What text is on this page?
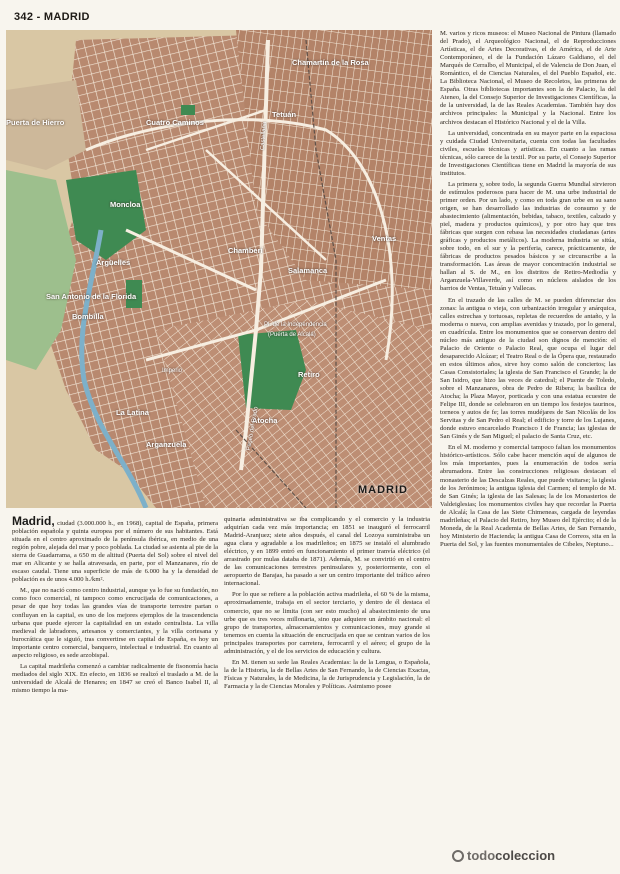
342 - MADRID
Chamartín de la Rosa
Tetuán
Cuatro Caminos
Puerta de Hierro
Moncloa
Argüelles
Chamberí
Ventas
Salamanca
San Antonio de la Florida
Bombilla
Pl. de la Independencia
(Puerta de Alcalá)
Retiro
La Latina
Atocha
Arganzuela
Castellana
Paseo del Prado
Imperio
MADRID

M. varios y ricos museos: el Museo Nacional de Pintura (llamado del Prado), el Arqueológico Nacional, el de Reproducciones Artísticas, el de Artes Decorativas, el de América, el de Arte Contemporáneo, el de la Fundación Lázaro Galdiano, el del Marqués de Cerralbo, el Municipal, el de Valencia de Don Juan, el Romántico, el de Ciencias Naturales, el del Pueblo Español, etc. La Biblioteca Nacional, el Museo de Recoletos, las primeras de España. Otras bibliotecas importantes son la de Palacio, la del Ateneo, la del Consejo Superior de Investigaciones Científicas, la de la universidad, la de las Reales Academias. También hay dos archivos principales: la Municipal y la Nacional. Entre los archivos destacan el Histórico Nacional y el de la Villa.

La universidad, concentrada en su mayor parte en la espaciosa y cuidada Ciudad Universitaria, cuenta con todas las facultades civiles, escuelas técnicas y artísticas. En cuanto a las ramas técnicas, sólo carece de la textil. Por su parte, el Consejo Superior de Investigaciones Científicas tiene en Madrid la mayoría de sus institutos.

La primera y, sobre todo, la segunda Guerra Mundial sirvieron de estímulos poderosos para hacer de M. una urbe industrial de primer orden. Por un lado, y como en toda gran urbe en su sano origen, se han desarrollado las industrias de consumo y de abastecimiento (alimentación, bebidas, tabaco, textiles, calzado y piel, madera y productos químicos), y por otro hay que tres fábricas que surgen con rebasa las necesidades ciudadanas (artes gráficas y productos metálicos). La moderna industria se sitúa, sobre todo, en el sur y la periferia, carece, prácticamente, de fábricas de productos pesados básicos y se circunscribe a la transformación. Las áreas de mayor concentración industrial se hallan al S. de M., en los distritos de Retiro-Mediodía y Arganzuela-Villaverde, así como en núcleos aislados de los barrios de Ventas, Tetuán y Vallecas.

En el trazado de las calles de M. se pueden diferenciar dos zonas: la antigua o vieja, con urbanización irregular y anárquica, calles estrechas y tortuosas, repletas de recuerdos de antaño, y la moderna o nueva, con amplias avenidas y trazado, por lo general, en cuadrícula. Entre los monumentos que se conservan dentro del núcleo más antiguo de la ciudad son dignos de mención: el Palacio de Oriente o Palacio Real, que ocupa el lugar del desaparecido Alcázar; el Teatro Real o de la Ópera que, restaurado en estos últimos años, sirve hoy como salón de conciertos; las Casas Consistoriales; la iglesia de San Francisco el Grande; la de San Isidro, que hizo las veces de catedral; el Puente de Toledo, sobre el Manzanares, obra de Pedro de Ribera; la basílica de Atocha; la Plaza Mayor, porticada y con una estatua ecuestre de Felipe III, donde se celebraron en un tiempo los festejos taurinos, torneos y autos de fe; las torres mudéjares de San Nicolás de los Servitas y de San Pedro el Real; el edificio y torre de los Lujanes, donde estuvo encarcelado Francisco I de Francia; las iglesias de San Ginés y de San Miguel; el palacio de Santa Cruz, etc.

En el M. moderno y comercial tampoco faltan los monumentos histórico-artísticos. Sólo cabe hacer mención aquí de algunos de los más importantes, pues la enumeración de todos sería abrumadora. Entre las construcciones religiosas destacan el monasterio de las Descalzas Reales, que puede visitarse; la iglesia de los Jerónimos; la antigua iglesia del Carmen; el templo de M. de San Ginés; la iglesia de las Salesas; la de los Monasterios de Valdeiglesias; los monumentos civiles hay que recordar la Puerta de Alcalá; la Casa de las Siete Chimeneas, cargada de leyendas madrileñas; el Palacio del Retiro, hoy Museo del Ejército; el de la Moneda, de la Real Academia de Bellas Artes, de San Fernando, hoy Ministerio de Hacienda; la antigua Casa de Correos, sita en la Puerta del Sol, y las fuentes monumentales de Cibeles, Neptuno...

Madrid, ciudad (3.000.000 h., en 1968), capital de España, primera población española y quinta europea por el número de sus habitantes. Está situada en el centro aproximado de la península ibérica, en medio de una región pobre, alejada del mar y poco poblada. La ciudad se asienta al pie de la sierra de Guadarrama, a 650 m de altitud (Puerta del Sol) sobre el nivel del mar en Alicante y se halla atravesada, en parte, por el Manzanares, río de escaso caudal. Tiene una superficie de más de 6.000 ha y la densidad de población es de unos 4.000 h./km².

M., que no nació como centro industrial, aunque ya lo fue su fundación, no como foco comercial, ni tampoco como encrucijada de comunicaciones, a pesar de que hoy todas las grandes vías de transporte terrestre partan o confluyan en la capital, es uno de los mejores ejemplos de la trascendencia urbana que puede ejercer la capitalidad en un estado centralista. La villa medieval de labradores, artesanos y comerciantes, y la villa cortesana y burocrática que le siguió, tras convertirse en capital de España, es hoy un importante centro comercial, banquero, intelectual e industrial. En cuanto al aspecto religioso, es sede arzobispal.

La capital madrileña comenzó a cambiar radicalmente de fisonomía hacia mediados del siglo XIX. En efecto, en 1836 se realizó el traslado a M. de la universidad de Alcalá de Henares; en 1847 se creó el Banco Isabel II, al mismo tiempo la ma-

quinaria administrativa se iba complicando y el comercio y la industria adquirían cada vez más importancia; en 1851 se inauguró el ferrocarril Madrid-Aranjuez; siete años después, el canal del Lozoya suministraba un agua clara y agradable a los madrileños; en 1875 se instaló el alumbrado eléctrico, y en 1899 entró en funcionamiento el primer tranvía eléctrico (el arrastrado por mulas databa de 1871). Además, M. se convirtió en el centro de las comunicaciones terrestres peninsulares y, posteriormente, con el aeropuerto de Barajas, ha pasado a ser un centro importante del tráfico aéreo internacional.

Por lo que se refiere a la población activa madrileña, el 60 % de la misma, aproximadamente, trabaja en el sector terciario, y dentro de él destaca el comercio, que no se limita (con ser esto mucho) al abastecimiento de una urbe que es tres veces millonaria, sino que adquiere un ámbito nacional: el grupo de transportes, almacenamientos y comunicaciones, muy grande si tenemos en cuenta la situación de encrucijada en que se centran varios de los principales transportes por carretera, ferrocarril y el aéreo; el grupo de la administración, y el de los servicios de educación y cultura.

En M. tienen su sede las Reales Academias: la de la Lengua, o Española, la de la Historia, la de Bellas Artes de San Fernando, la de Ciencias Exactas, Físicas y Naturales, la de Medicina, la de Jurisprudencia y Legislación, la de Farmacia y la de Ciencias Morales y Políticas. Asimismo posee

todocoleccion
